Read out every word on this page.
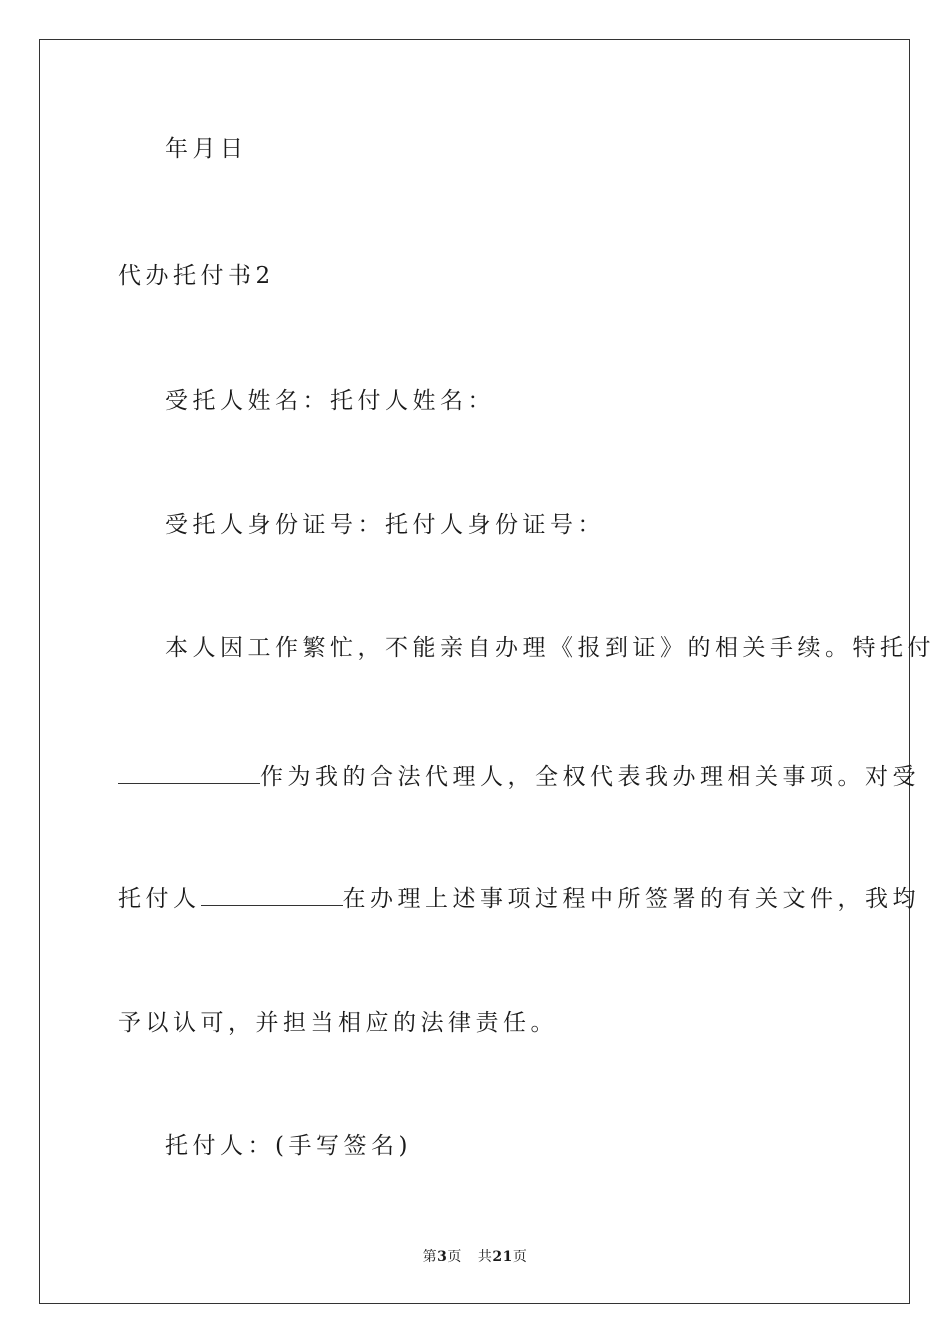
年月日
代办托付书2
受托人姓名：托付人姓名：
受托人身份证号：托付人身份证号：
本人因工作繁忙，不能亲自办理《报到证》的相关手续。特托付
作为我的合法代理人，全权代表我办理相关事项。对受
托付人	在办理上述事项过程中所签署的有关文件，我均
予以认可，并担当相应的法律责任。
托付人：(手写签名)
第3页 共21页
